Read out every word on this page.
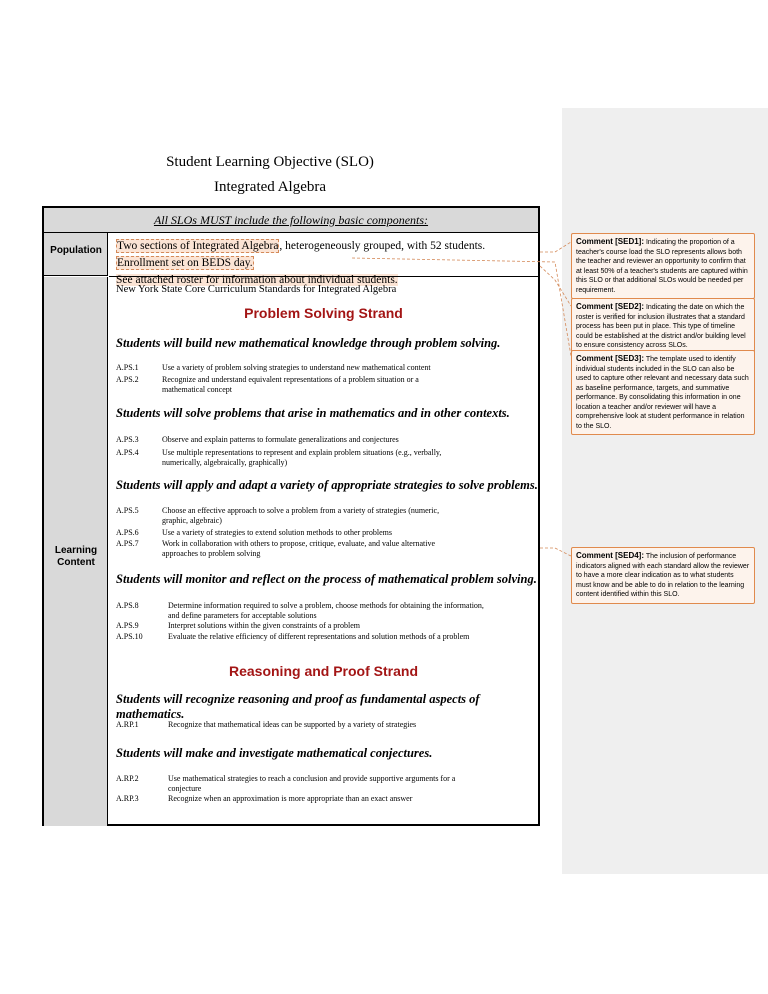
Student Learning Objective (SLO)
Integrated Algebra
All SLOs MUST include the following basic components:
Population	Two sections of Integrated Algebra, heterogeneously grouped, with 52 students. Enrollment set on BEDS day.
See attached roster for information about individual students.
Learning
Content
New York State Core Curriculum Standards for Integrated Algebra
Problem Solving Strand
Students will build new mathematical knowledge through problem solving.
A.PS.1	Use a variety of problem solving strategies to understand new mathematical content
A.PS.2	Recognize and understand equivalent representations of a problem situation or a mathematical concept
Students will solve problems that arise in mathematics and in other contexts.
A.PS.3	Observe and explain patterns to formulate generalizations and conjectures
A.PS.4	Use multiple representations to represent and explain problem situations (e.g., verbally, numerically, algebraically, graphically)
Students will apply and adapt a variety of appropriate strategies to solve problems.
A.PS.5	Choose an effective approach to solve a problem from a variety of strategies (numeric, graphic, algebraic)
A.PS.6	Use a variety of strategies to extend solution methods to other problems
A.PS.7	Work in collaboration with others to propose, critique, evaluate, and value alternative approaches to problem solving
Students will monitor and reflect on the process of mathematical problem solving.
A.PS.8	Determine information required to solve a problem, choose methods for obtaining the information, and define parameters for acceptable solutions
A.PS.9	Interpret solutions within the given constraints of a problem
A.PS.10	Evaluate the relative efficiency of different representations and solution methods of a problem
Reasoning and Proof Strand
Students will recognize reasoning and proof as fundamental aspects of mathematics.
A.RP.1	Recognize that mathematical ideas can be supported by a variety of strategies
Students will make and investigate mathematical conjectures.
A.RP.2	Use mathematical strategies to reach a conclusion and provide supportive arguments for a conjecture
A.RP.3	Recognize when an approximation is more appropriate than an exact answer
Comment [SED1]: Indicating the proportion of a teacher's course load the SLO represents allows both the teacher and reviewer an opportunity to confirm that at least 50% of a teacher's students are captured within this SLO or that additional SLOs would be needed per requirement.
Comment [SED2]: Indicating the date on which the roster is verified for inclusion illustrates that a standard process has been put in place. This type of timeline could be established at the district and/or building level to ensure consistency across SLOs.
Comment [SED3]: The template used to identify individual students included in the SLO can also be used to capture other relevant and necessary data such as baseline performance, targets, and summative performance. By consolidating this information in one location a teacher and/or reviewer will have a comprehensive look at student performance in relation to the SLO.
Comment [SED4]: The inclusion of performance indicators aligned with each standard allow the reviewer to have a more clear indication as to what students must know and be able to do in relation to the learning content identified within this SLO.
